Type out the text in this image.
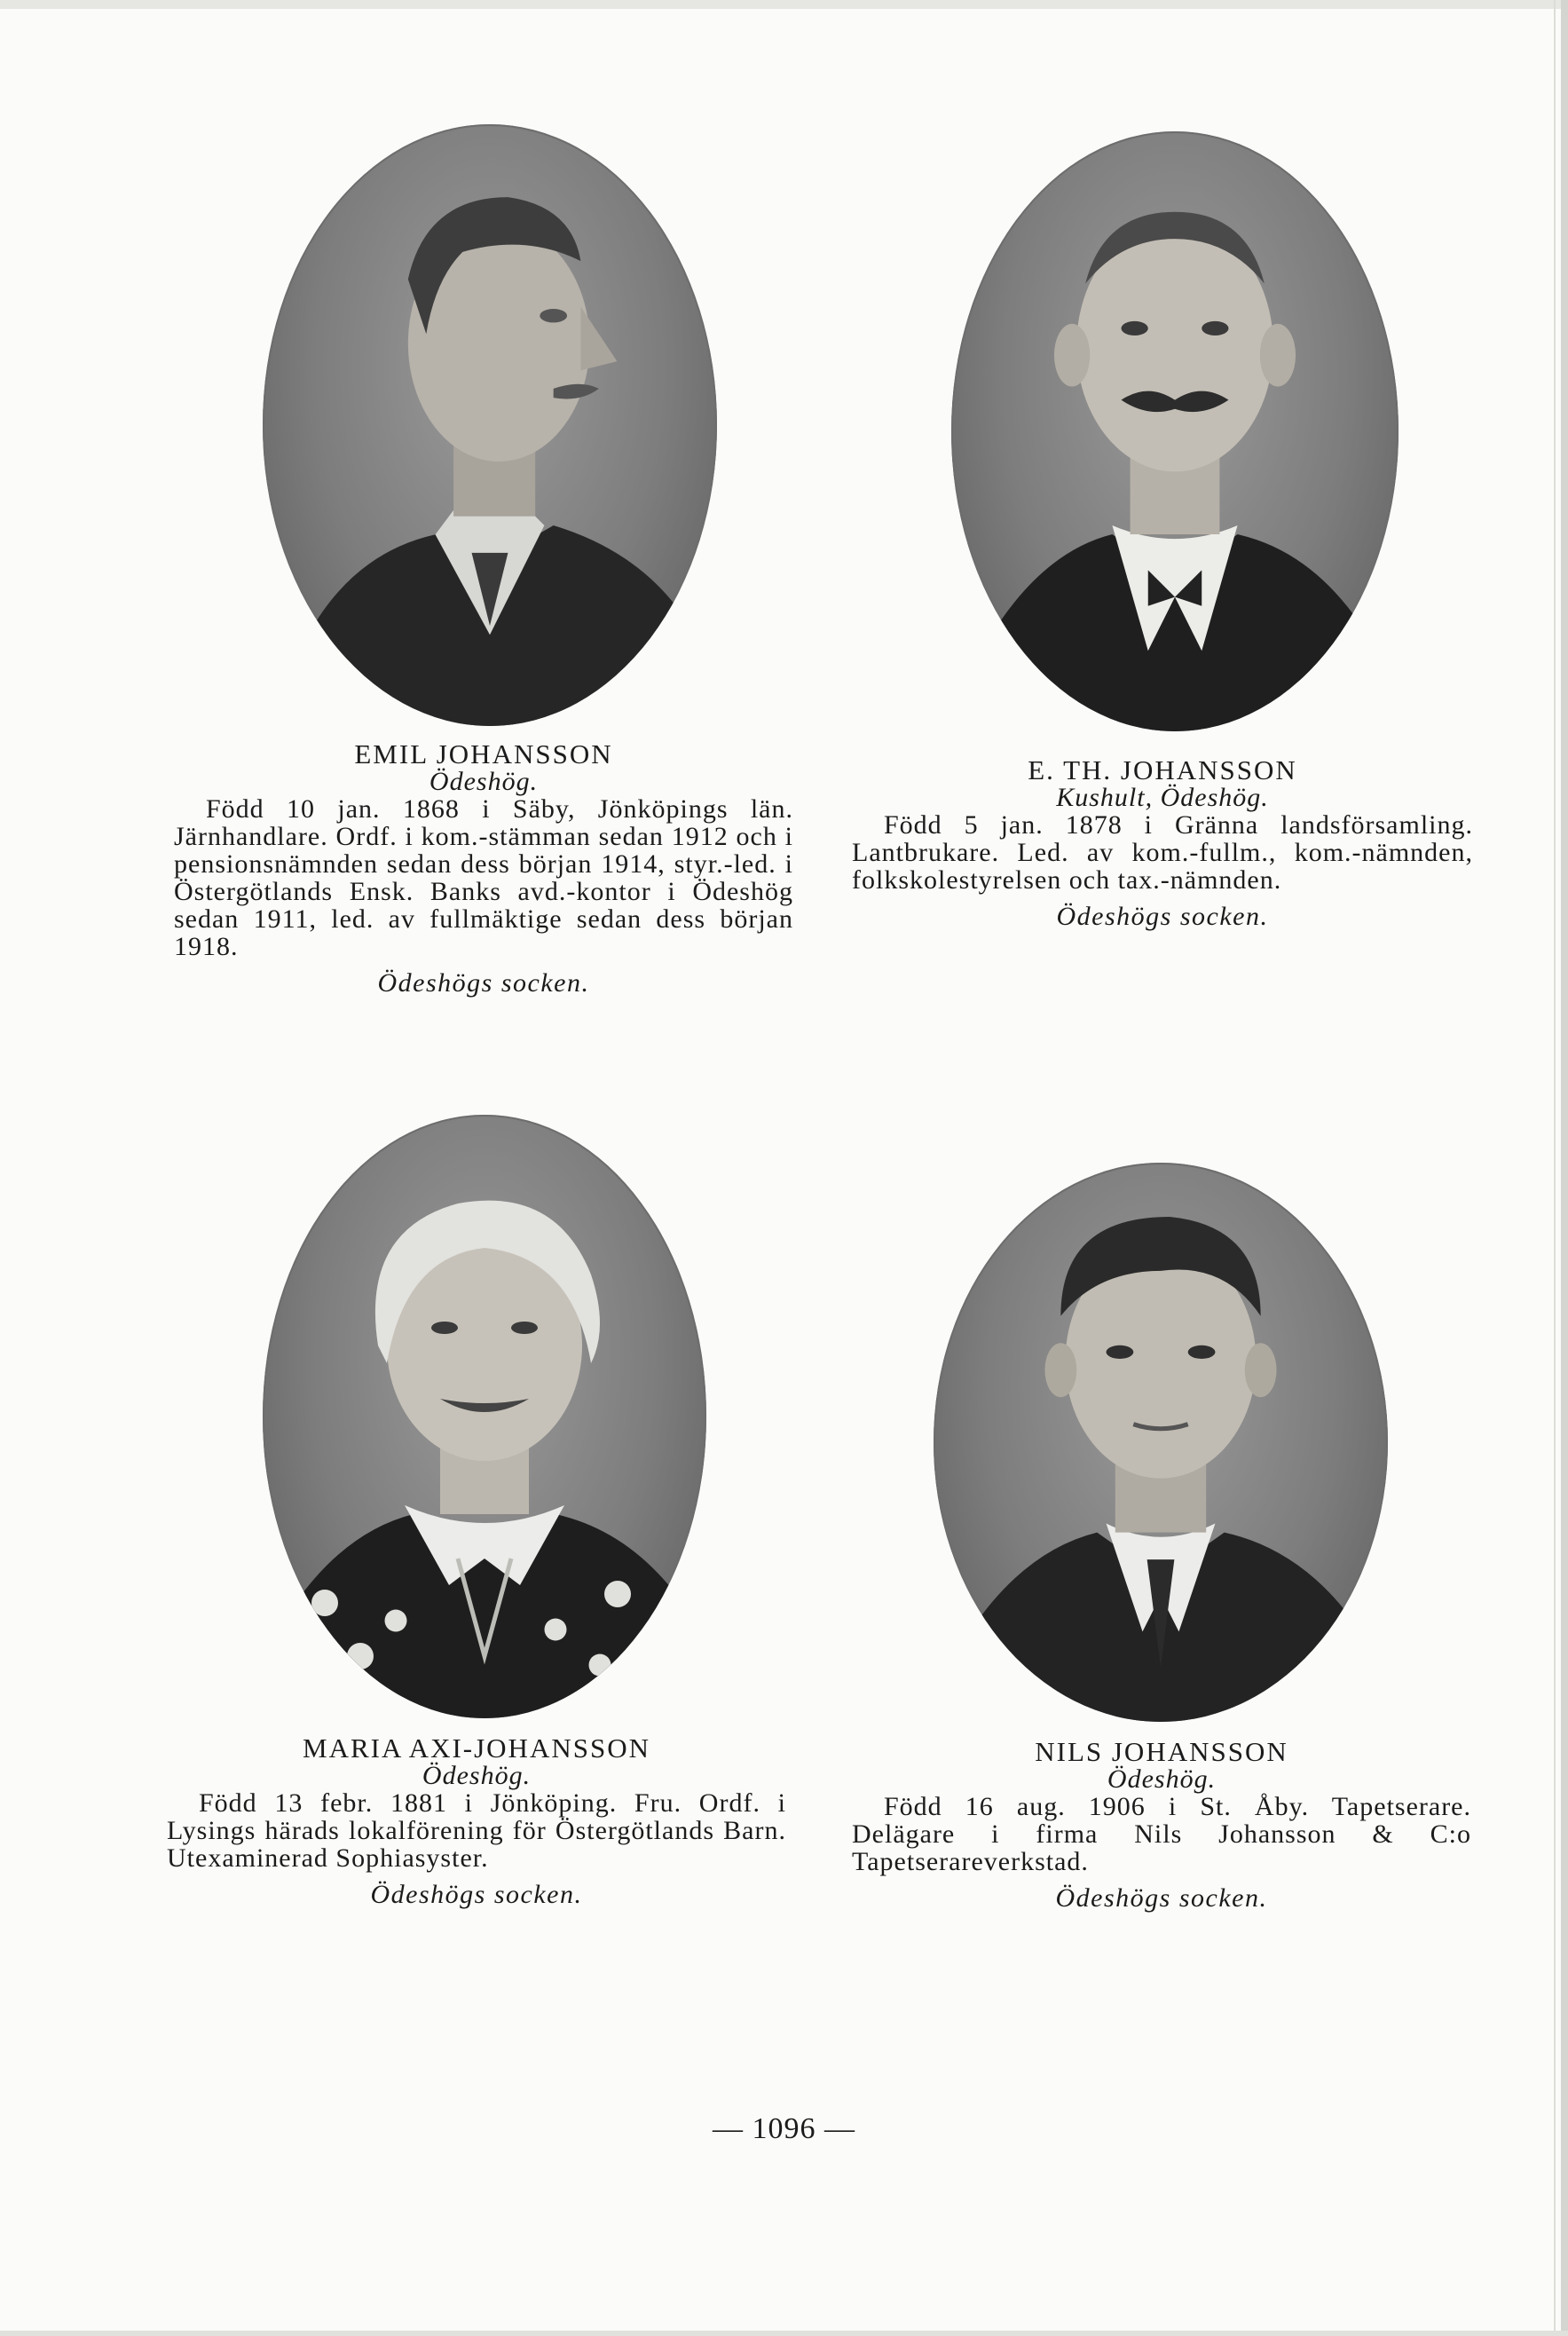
EMIL JOHANSSON
Ödeshög.
Född 10 jan. 1868 i Säby, Jönköpings län. Järnhandlare. Ordf. i kom.-stämman sedan 1912 och i pensionsnämnden sedan dess början 1914, styr.-led. i Östergötlands Ensk. Banks avd.-kontor i Ödeshög sedan 1911, led. av fullmäktige sedan dess början 1918.
Ödeshögs socken.
E. TH. JOHANSSON
Kushult, Ödeshög.
Född 5 jan. 1878 i Gränna landsförsamling. Lantbrukare. Led. av kom.-fullm., kom.-nämnden, folkskolestyrelsen och tax.-nämnden.
Ödeshögs socken.
MARIA AXI-JOHANSSON
Ödeshög.
Född 13 febr. 1881 i Jönköping. Fru. Ordf. i Lysings härads lokalförening för Östergötlands Barn. Utexaminerad Sophiasyster.
Ödeshögs socken.
NILS JOHANSSON
Ödeshög.
Född 16 aug. 1906 i St. Åby. Tapetserare. Delägare i firma Nils Johansson & C:o Tapetserareverkstad.
Ödeshögs socken.
— 1096 —
